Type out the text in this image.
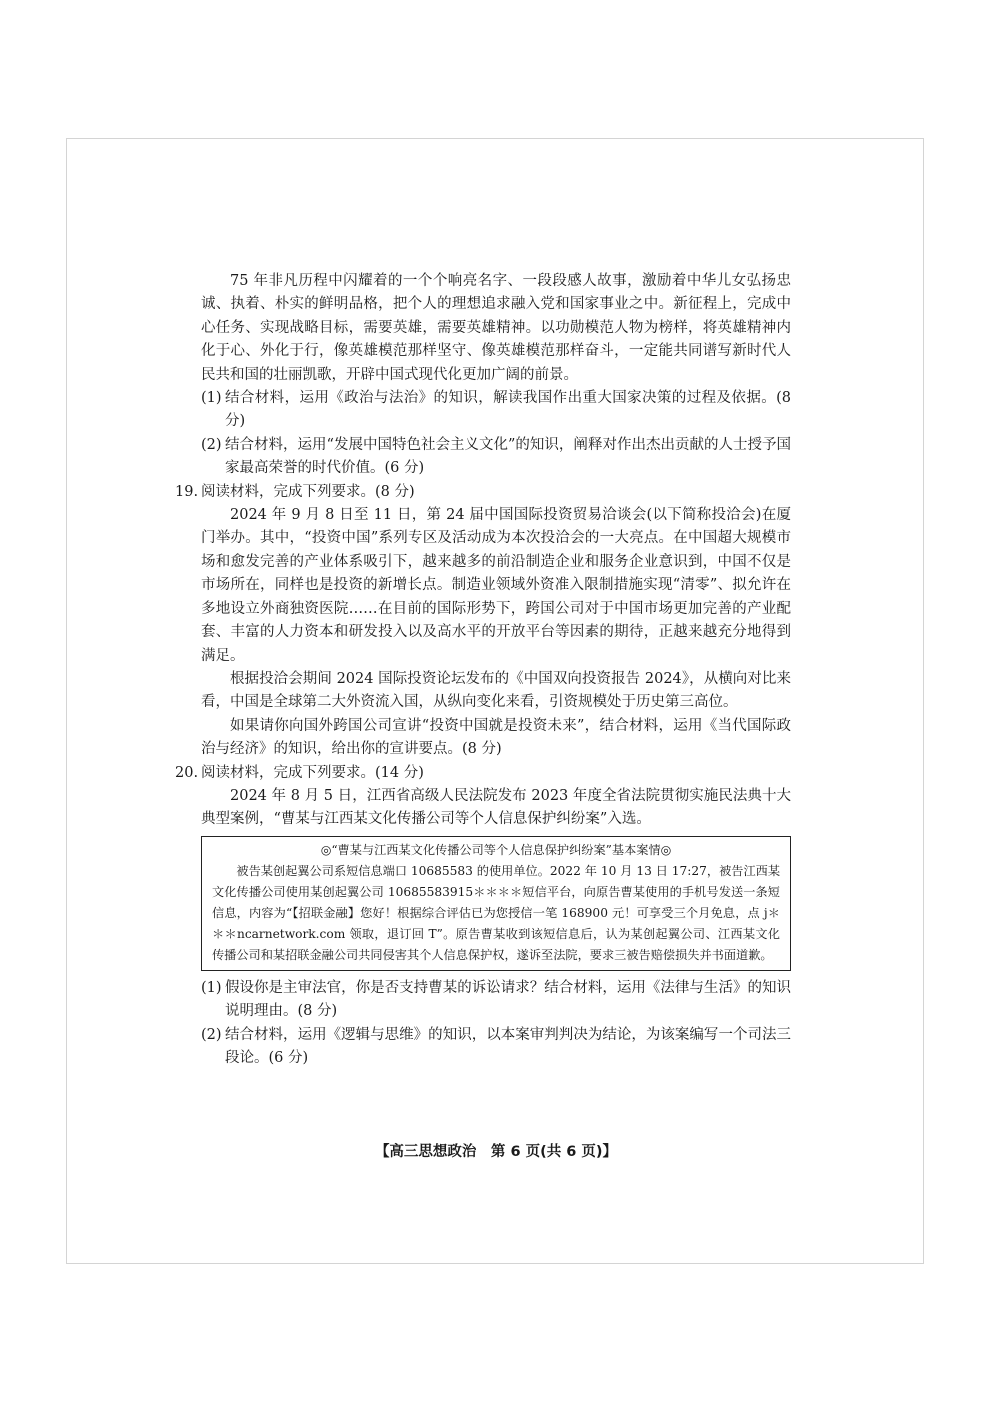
75 年非凡历程中闪耀着的一个个响亮名字、一段段感人故事，激励着中华儿女弘扬忠诚、执着、朴实的鲜明品格，把个人的理想追求融入党和国家事业之中。新征程上，完成中心任务、实现战略目标，需要英雄，需要英雄精神。以功勋模范人物为榜样，将英雄精神内化于心、外化于行，像英雄模范那样坚守、像英雄模范那样奋斗，一定能共同谱写新时代人民共和国的壮丽凯歌，开辟中国式现代化更加广阔的前景。

(1) 结合材料，运用《政治与法治》的知识，解读我国作出重大国家决策的过程及依据。(8 分)
(2) 结合材料，运用“发展中国特色社会主义文化”的知识，阐释对作出杰出贡献的人士授予国家最高荣誉的时代价值。(6 分)
19. 阅读材料，完成下列要求。(8 分)

2024 年 9 月 8 日至 11 日，第 24 届中国国际投资贸易洽谈会(以下简称投洽会)在厦门举办。其中，“投资中国”系列专区及活动成为本次投洽会的一大亮点。在中国超大规模市场和愈发完善的产业体系吸引下，越来越多的前沿制造企业和服务企业意识到，中国不仅是市场所在，同样也是投资的新增长点。制造业领域外资准入限制措施实现“清零”、拟允许在多地设立外商独资医院……在目前的国际形势下，跨国公司对于中国市场更加完善的产业配套、丰富的人力资本和研发投入以及高水平的开放平台等因素的期待，正越来越充分地得到满足。

根据投洽会期间 2024 国际投资论坛发布的《中国双向投资报告 2024》，从横向对比来看，中国是全球第二大外资流入国，从纵向变化来看，引资规模处于历史第三高位。

如果请你向国外跨国公司宣讲“投资中国就是投资未来”，结合材料，运用《当代国际政治与经济》的知识，给出你的宣讲要点。(8 分)

20. 阅读材料，完成下列要求。(14 分)

2024 年 8 月 5 日，江西省高级人民法院发布 2023 年度全省法院贯彻实施民法典十大典型案例，“曹某与江西某文化传播公司等个人信息保护纠纷案”入选。

◎“曹某与江西某文化传播公司等个人信息保护纠纷案”基本案情◎

被告某创起翼公司系短信息端口 10685583 的使用单位。2022 年 10 月 13 日 17:27，被告江西某文化传播公司使用某创起翼公司 10685583915＊＊＊＊短信平台，向原告曹某使用的手机号发送一条短信息，内容为“【招联金融】您好！根据综合评估已为您授信一笔 168900 元！可享受三个月免息，点 j＊＊＊ncarnetwork.com 领取，退订回 T”。原告曹某收到该短信息后，认为某创起翼公司、江西某文化传播公司和某招联金融公司共同侵害其个人信息保护权，遂诉至法院，要求三被告赔偿损失并书面道歉。

(1) 假设你是主审法官，你是否支持曹某的诉讼请求？结合材料，运用《法律与生活》的知识说明理由。(8 分)
(2) 结合材料，运用《逻辑与思维》的知识，以本案审判判决为结论，为该案编写一个司法三段论。(6 分)
【高三思想政治　第 6 页(共 6 页)】
